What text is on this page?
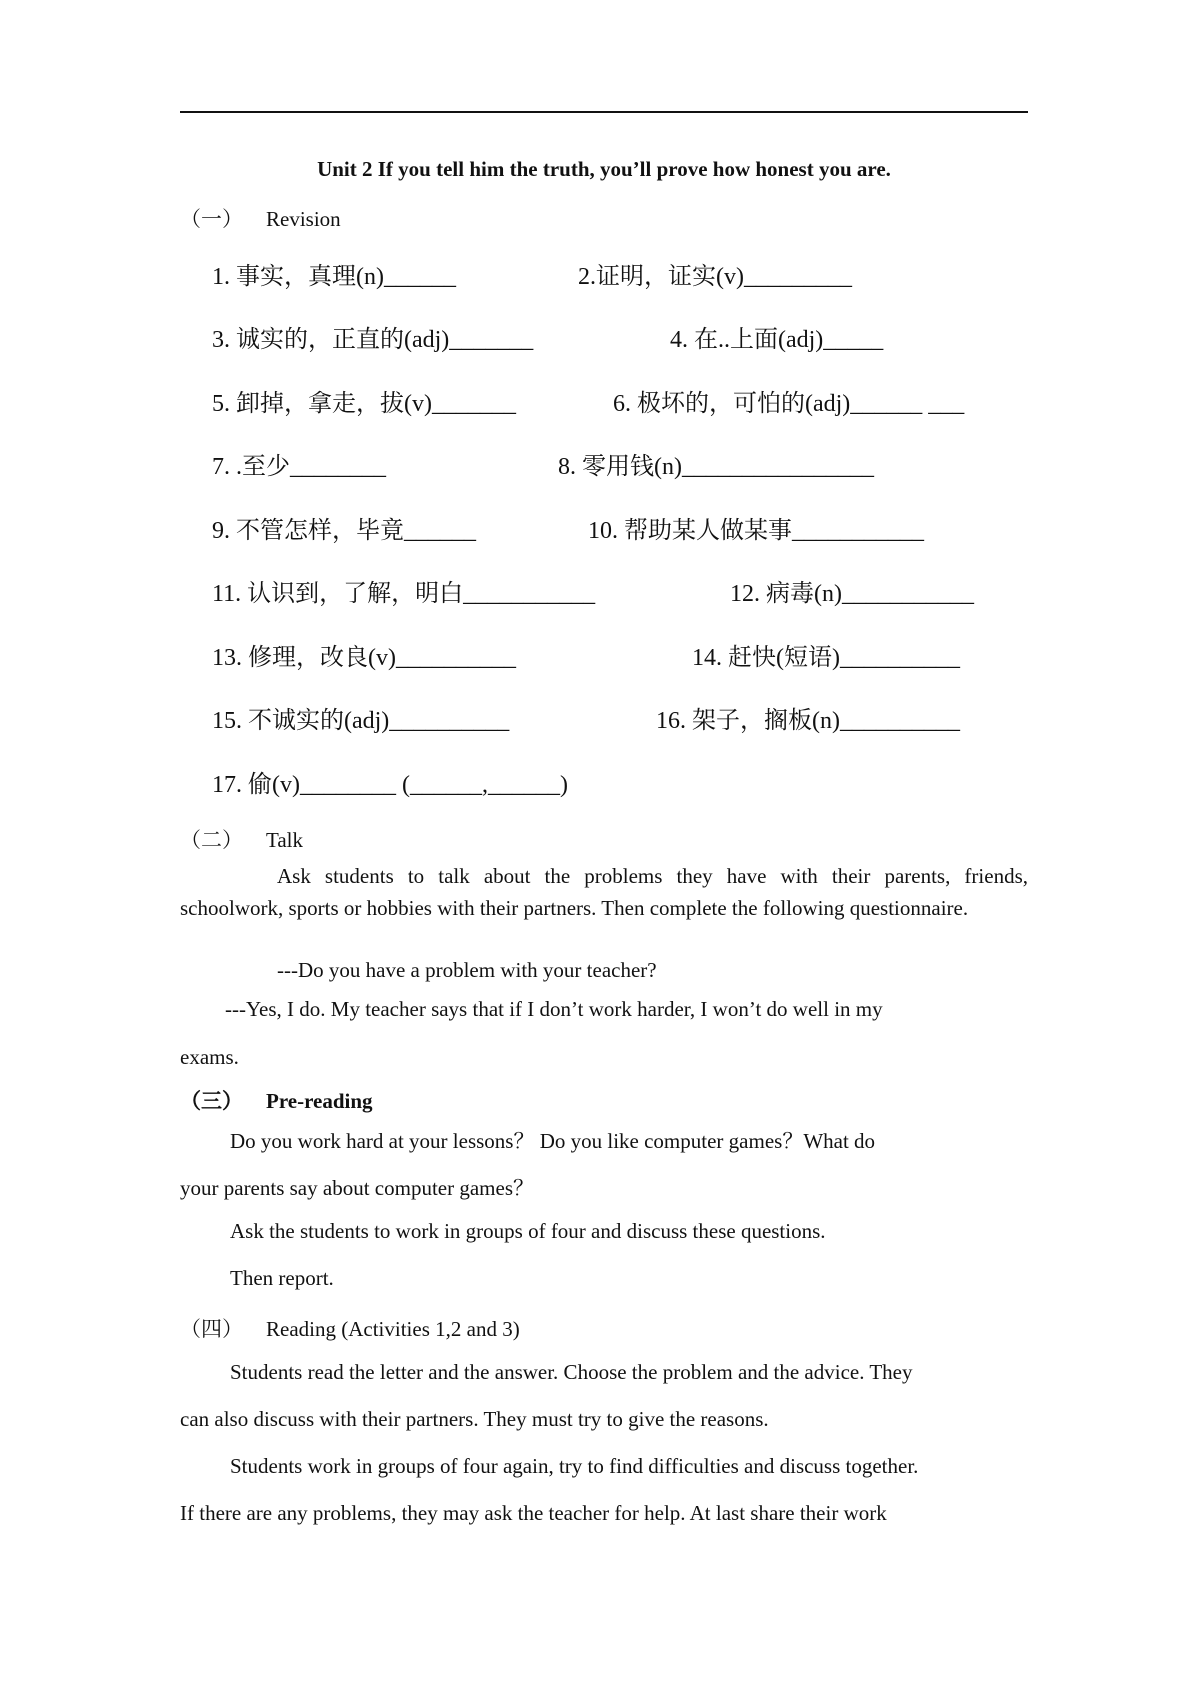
Unit 2 If you tell him the truth, you’ll prove how honest you are.
（一） Revision
1. 事实，真理(n)______	2.证明，证实(v)_________
3. 诚实的，正直的(adj)_______	4. 在..上面(adj)_____
5. 卸掉，拿走，拔(v)_______	6. 极坏的，可怕的(adj)______ ___
7. .至少________	8. 零用钱(n)________________
9. 不管怎样，毕竟______	10. 帮助某人做某事___________
11. 认识到，了解，明白___________	12. 病毒(n)___________
13. 修理，改良(v)__________	14. 赶快(短语)__________
15. 不诚实的(adj)__________	16. 架子，搁板(n)__________
17. 偷(v)________ (______,______)
（二） Talk
Ask students to talk about the problems they have with their parents, friends, schoolwork, sports or hobbies with their partners. Then complete the following questionnaire.
---Do you have a problem with your teacher?
---Yes, I do. My teacher says that if I don’t work harder, I won’t do well in my
exams.
（三） Pre-reading
Do you work hard at your lessons？ Do you like computer games？What do
your parents say about computer games？
Ask the students to work in groups of four and discuss these questions.
Then report.
（四） Reading (Activities 1,2 and 3)
Students read the letter and the answer. Choose the problem and the advice. They
can also discuss with their partners. They must try to give the reasons.
Students work in groups of four again, try to find difficulties and discuss together.
If there are any problems, they may ask the teacher for help. At last share their work
